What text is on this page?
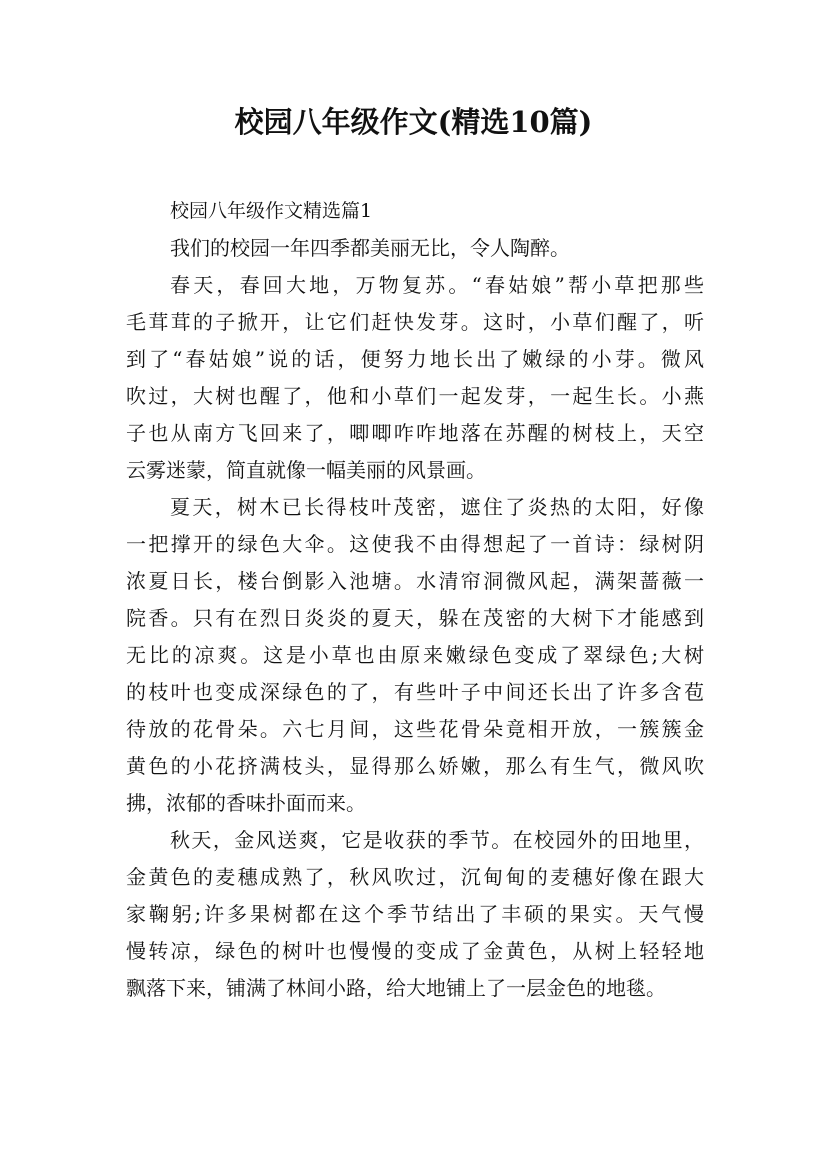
校园八年级作文(精选10篇)
校园八年级作文精选篇1
我们的校园一年四季都美丽无比，令人陶醉。
春天，春回大地，万物复苏。“春姑娘”帮小草把那些
毛茸茸的子掀开，让它们赶快发芽。这时，小草们醒了，听
到了“春姑娘”说的话，便努力地长出了嫩绿的小芽。微风
吹过，大树也醒了，他和小草们一起发芽，一起生长。小燕
子也从南方飞回来了，唧唧咋咋地落在苏醒的树枝上，天空
云雾迷蒙，简直就像一幅美丽的风景画。
夏天，树木已长得枝叶茂密，遮住了炎热的太阳，好像
一把撑开的绿色大伞。这使我不由得想起了一首诗：绿树阴
浓夏日长，楼台倒影入池塘。水清帘洞微风起，满架蔷薇一
院香。只有在烈日炎炎的夏天，躲在茂密的大树下才能感到
无比的凉爽。这是小草也由原来嫩绿色变成了翠绿色;大树
的枝叶也变成深绿色的了，有些叶子中间还长出了许多含苞
待放的花骨朵。六七月间，这些花骨朵竟相开放，一簇簇金
黄色的小花挤满枝头，显得那么娇嫩，那么有生气，微风吹
拂，浓郁的香味扑面而来。
秋天，金风送爽，它是收获的季节。在校园外的田地里，
金黄色的麦穗成熟了，秋风吹过，沉甸甸的麦穗好像在跟大
家鞠躬;许多果树都在这个季节结出了丰硕的果实。天气慢
慢转凉，绿色的树叶也慢慢的变成了金黄色，从树上轻轻地
飘落下来，铺满了林间小路，给大地铺上了一层金色的地毯。
